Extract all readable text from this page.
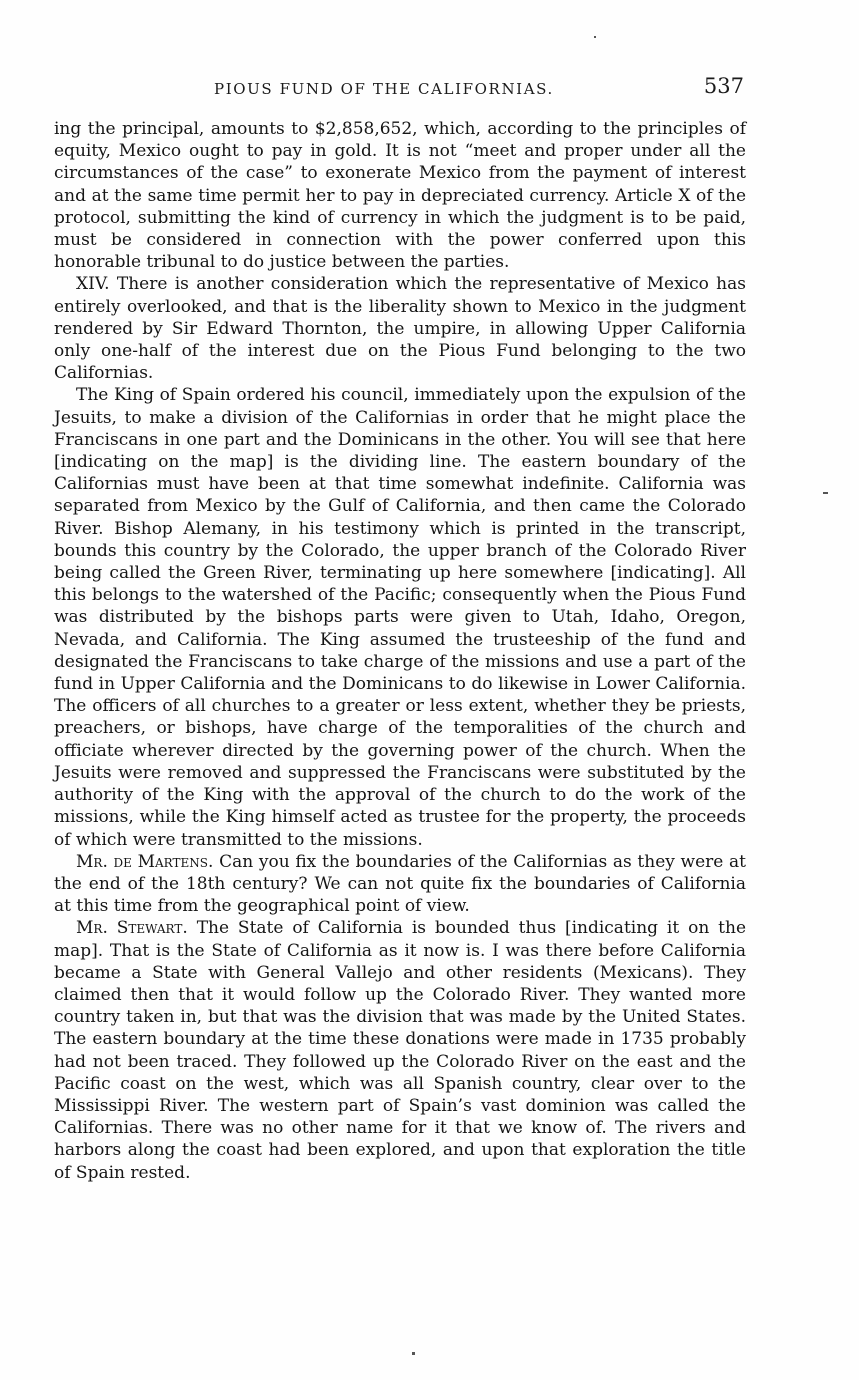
PIOUS FUND OF THE CALIFORNIAS.	537

ing the principal, amounts to $2,858,652, which, according to the principles of equity, Mexico ought to pay in gold. It is not “meet and proper under all the circumstances of the case” to exonerate Mexico from the payment of interest and at the same time permit her to pay in depreciated currency. Article X of the protocol, submitting the kind of currency in which the judgment is to be paid, must be considered in connection with the power conferred upon this honorable tribunal to do justice between the parties.

XIV. There is another consideration which the representative of Mexico has entirely overlooked, and that is the liberality shown to Mexico in the judgment rendered by Sir Edward Thornton, the umpire, in allowing Upper California only one-half of the interest due on the Pious Fund belonging to the two Californias.

The King of Spain ordered his council, immediately upon the expulsion of the Jesuits, to make a division of the Californias in order that he might place the Franciscans in one part and the Dominicans in the other. You will see that here [indicating on the map] is the dividing line. The eastern boundary of the Californias must have been at that time somewhat indefinite. California was separated from Mexico by the Gulf of California, and then came the Colorado River. Bishop Alemany, in his testimony which is printed in the transcript, bounds this country by the Colorado, the upper branch of the Colorado River being called the Green River, terminating up here somewhere [indicating]. All this belongs to the watershed of the Pacific; consequently when the Pious Fund was distributed by the bishops parts were given to Utah, Idaho, Oregon, Nevada, and California. The King assumed the trusteeship of the fund and designated the Franciscans to take charge of the missions and use a part of the fund in Upper California and the Dominicans to do likewise in Lower California. The officers of all churches to a greater or less extent, whether they be priests, preachers, or bishops, have charge of the temporalities of the church and officiate wherever directed by the governing power of the church. When the Jesuits were removed and suppressed the Franciscans were substituted by the authority of the King with the approval of the church to do the work of the missions, while the King himself acted as trustee for the property, the proceeds of which were transmitted to the missions.

Mr. de Martens. Can you fix the boundaries of the Californias as they were at the end of the 18th century? We can not quite fix the boundaries of California at this time from the geographical point of view.

Mr. Stewart. The State of California is bounded thus [indicating it on the map]. That is the State of California as it now is. I was there before California became a State with General Vallejo and other residents (Mexicans). They claimed then that it would follow up the Colorado River. They wanted more country taken in, but that was the division that was made by the United States. The eastern boundary at the time these donations were made in 1735 probably had not been traced. They followed up the Colorado River on the east and the Pacific coast on the west, which was all Spanish country, clear over to the Mississippi River. The western part of Spain’s vast dominion was called the Californias. There was no other name for it that we know of. The rivers and harbors along the coast had been explored, and upon that exploration the title of Spain rested.
